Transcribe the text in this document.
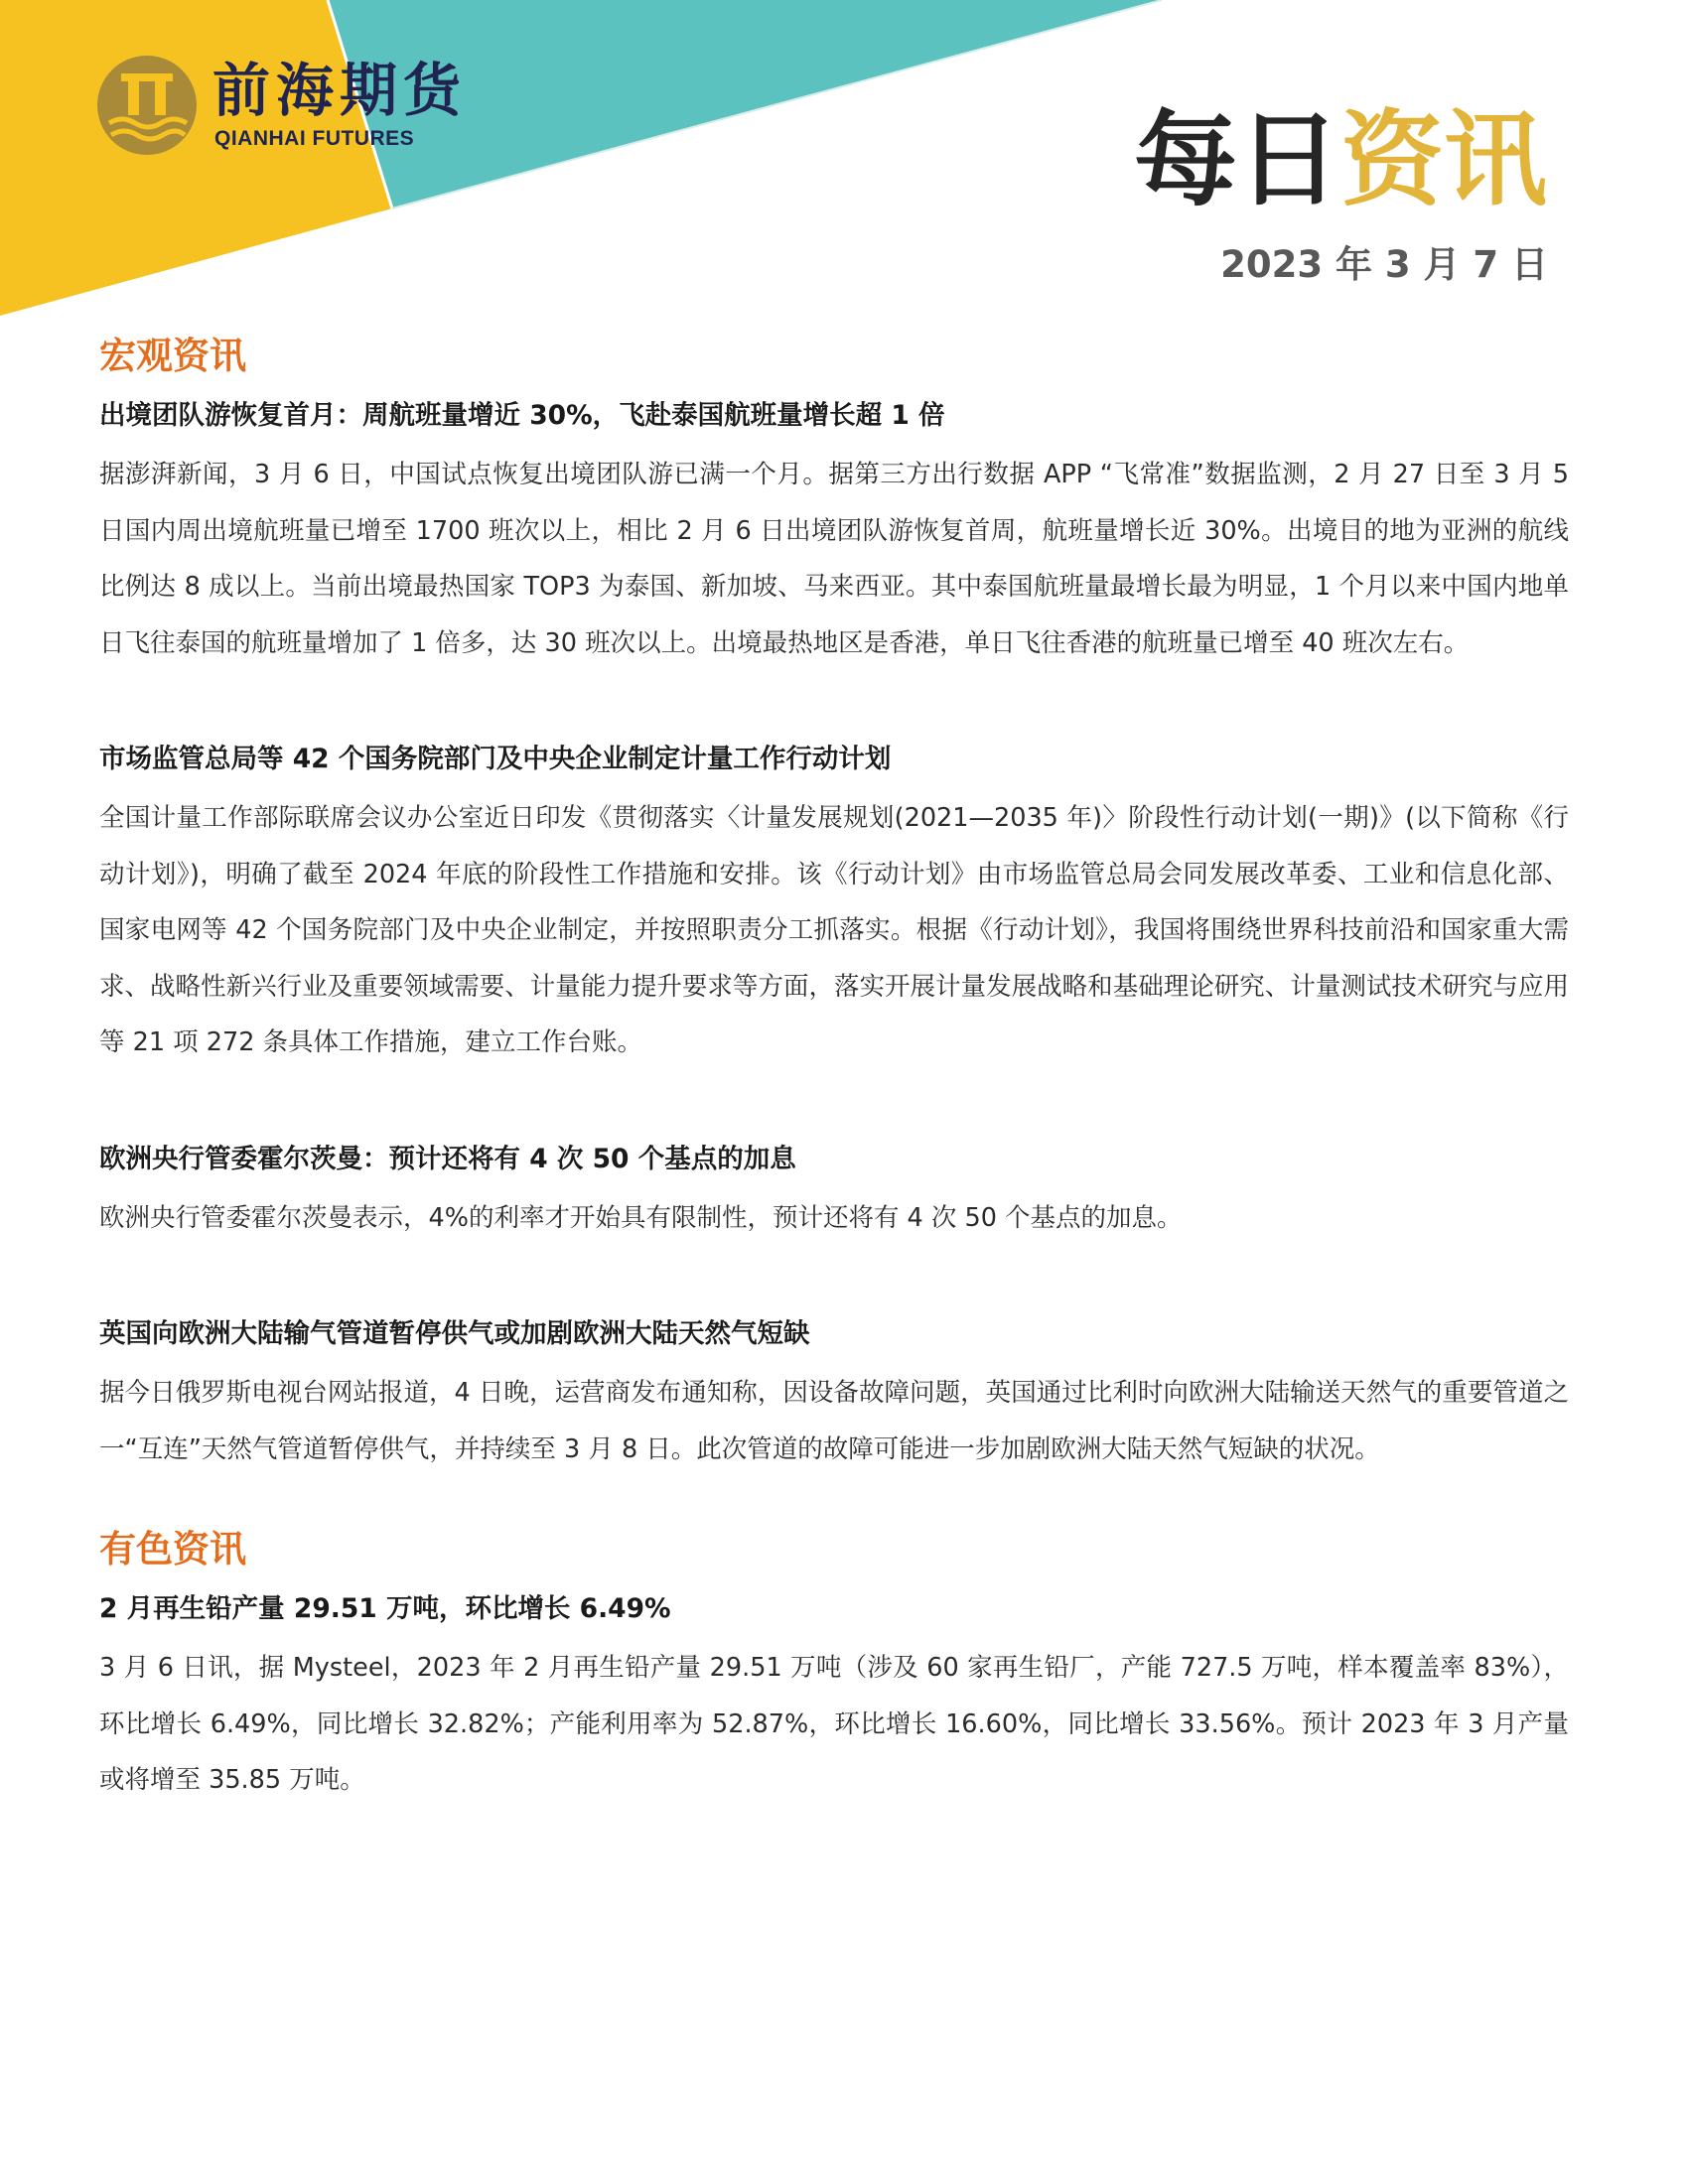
前海期货
QIANHAI FUTURES	每日资讯
2023 年 3 月 7 日
宏观资讯
出境团队游恢复首月：周航班量增近 30%，飞赴泰国航班量增长超 1 倍

据澎湃新闻，3 月 6 日，中国试点恢复出境团队游已满一个月。据第三方出行数据 APP “飞常准”数据监测，2 月 27 日至 3 月 5 日国内周出境航班量已增至 1700 班次以上，相比 2 月 6 日出境团队游恢复首周，航班量增长近 30%。出境目的地为亚洲的航线比例达 8 成以上。当前出境最热国家 TOP3 为泰国、新加坡、马来西亚。其中泰国航班量最增长最为明显，1 个月以来中国内地单日飞往泰国的航班量增加了 1 倍多，达 30 班次以上。出境最热地区是香港，单日飞往香港的航班量已增至 40 班次左右。

市场监管总局等 42 个国务院部门及中央企业制定计量工作行动计划

全国计量工作部际联席会议办公室近日印发《贯彻落实〈计量发展规划(2021—2035 年)〉阶段性行动计划(一期)》(以下简称《行动计划》)，明确了截至 2024 年底的阶段性工作措施和安排。该《行动计划》由市场监管总局会同发展改革委、工业和信息化部、国家电网等 42 个国务院部门及中央企业制定，并按照职责分工抓落实。根据《行动计划》，我国将围绕世界科技前沿和国家重大需求、战略性新兴行业及重要领域需要、计量能力提升要求等方面，落实开展计量发展战略和基础理论研究、计量测试技术研究与应用等 21 项 272 条具体工作措施，建立工作台账。

欧洲央行管委霍尔茨曼：预计还将有 4 次 50 个基点的加息

欧洲央行管委霍尔茨曼表示，4%的利率才开始具有限制性，预计还将有 4 次 50 个基点的加息。

英国向欧洲大陆输气管道暂停供气或加剧欧洲大陆天然气短缺

据今日俄罗斯电视台网站报道，4 日晚，运营商发布通知称，因设备故障问题，英国通过比利时向欧洲大陆输送天然气的重要管道之一“互连”天然气管道暂停供气，并持续至 3 月 8 日。此次管道的故障可能进一步加剧欧洲大陆天然气短缺的状况。

有色资讯
2 月再生铅产量 29.51 万吨，环比增长 6.49%

3 月 6 日讯，据 Mysteel，2023 年 2 月再生铅产量 29.51 万吨（涉及 60 家再生铅厂，产能 727.5 万吨，样本覆盖率 83%），环比增长 6.49%，同比增长 32.82%；产能利用率为 52.87%，环比增长 16.60%，同比增长 33.56%。预计 2023 年 3 月产量或将增至 35.85 万吨。
